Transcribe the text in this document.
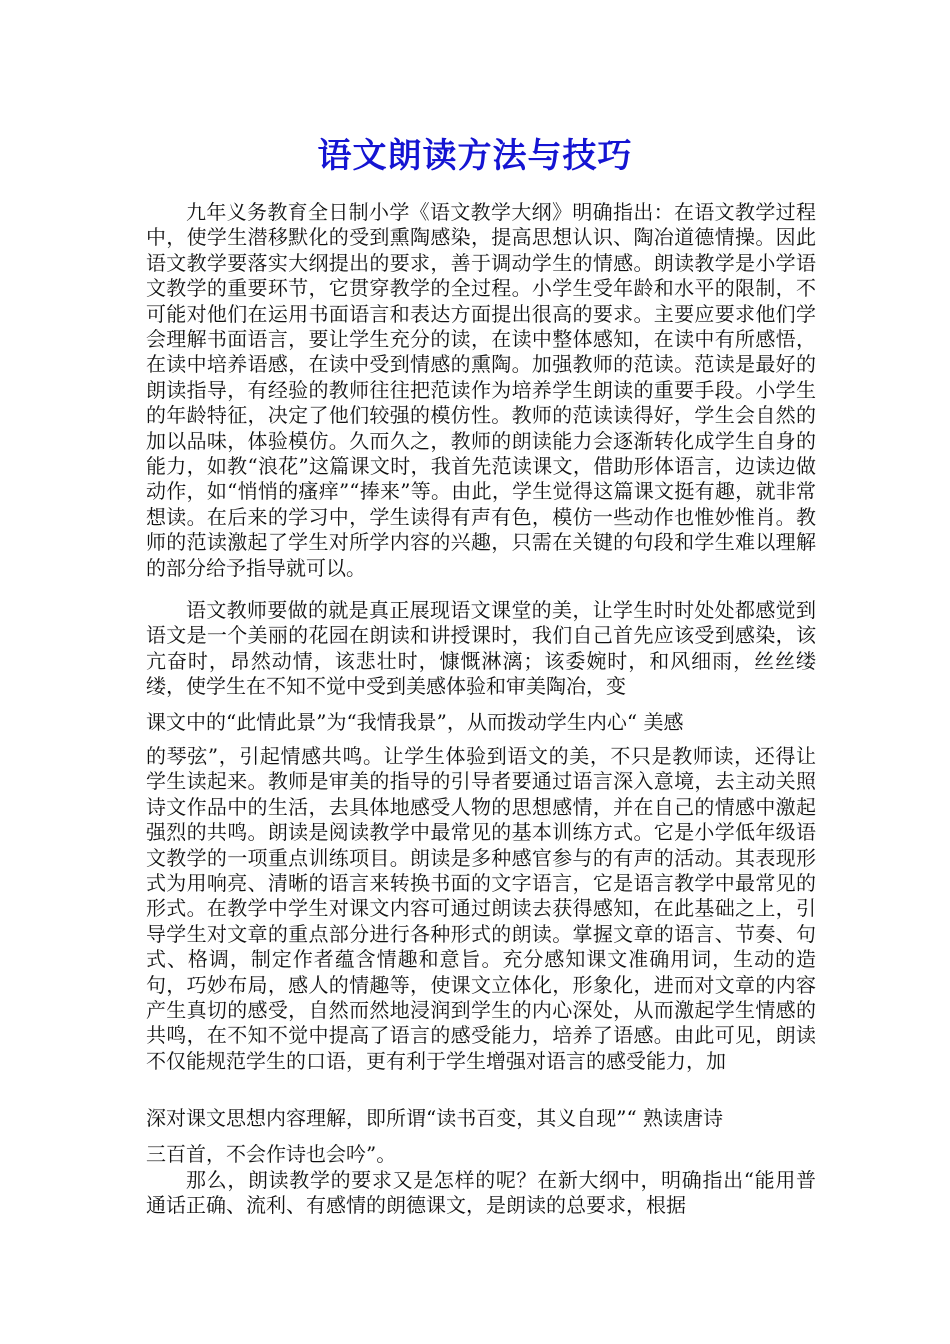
语文朗读方法与技巧

九年义务教育全日制小学《语文教学大纲》明确指出：在语文教学过程中，使学生潜移默化的受到熏陶感染，提高思想认识、陶冶道德情操。因此语文教学要落实大纲提出的要求，善于调动学生的情感。朗读教学是小学语文教学的重要环节，它贯穿教学的全过程。小学生受年龄和水平的限制，不可能对他们在运用书面语言和表达方面提出很高的要求。主要应要求他们学会理解书面语言，要让学生充分的读，在读中整体感知，在读中有所感悟，在读中培养语感，在读中受到情感的熏陶。加强教师的范读。范读是最好的朗读指导，有经验的教师往往把范读作为培养学生朗读的重要手段。小学生的年龄特征，决定了他们较强的模仿性。教师的范读读得好，学生会自然的加以品味，体验模仿。久而久之，教师的朗读能力会逐渐转化成学生自身的能力，如教“浪花”这篇课文时，我首先范读课文，借助形体语言，边读边做动作，如“悄悄的瘙痒”“捧来”等。由此，学生觉得这篇课文挺有趣，就非常想读。在后来的学习中，学生读得有声有色，模仿一些动作也惟妙惟肖。教师的范读激起了学生对所学内容的兴趣，只需在关键的句段和学生难以理解的部分给予指导就可以。

语文教师要做的就是真正展现语文课堂的美，让学生时时处处都感觉到语文是一个美丽的花园在朗读和讲授课时，我们自己首先应该受到感染，该亢奋时，昂然动情，该悲壮时，慷慨淋漓；该委婉时，和风细雨，丝丝缕缕，使学生在不知不觉中受到美感体验和审美陶冶，变

课文中的“此情此景”为“我情我景”，从而拨动学生内心“ 美感

的琴弦”，引起情感共鸣。让学生体验到语文的美，不只是教师读，还得让学生读起来。教师是审美的指导的引导者要通过语言深入意境，去主动关照诗文作品中的生活，去具体地感受人物的思想感情，并在自己的情感中激起强烈的共鸣。朗读是阅读教学中最常见的基本训练方式。它是小学低年级语文教学的一项重点训练项目。朗读是多种感官参与的有声的活动。其表现形式为用响亮、清晰的语言来转换书面的文字语言，它是语言教学中最常见的形式。在教学中学生对课文内容可通过朗读去获得感知，在此基础之上，引导学生对文章的重点部分进行各种形式的朗读。掌握文章的语言、节奏、句式、格调，制定作者蕴含情趣和意旨。充分感知课文准确用词，生动的造句，巧妙布局，感人的情趣等，使课文立体化，形象化，进而对文章的内容产生真切的感受，自然而然地浸润到学生的内心深处，从而激起学生情感的共鸣，在不知不觉中提高了语言的感受能力，培养了语感。由此可见，朗读不仅能规范学生的口语，更有利于学生增强对语言的感受能力，加

深对课文思想内容理解，即所谓“读书百变，其义自现”“ 熟读唐诗

三百首，不会作诗也会吟”。

那么，朗读教学的要求又是怎样的呢？在新大纲中，明确指出“能用普通话正确、流利、有感情的朗德课文，是朗读的总要求，根据
